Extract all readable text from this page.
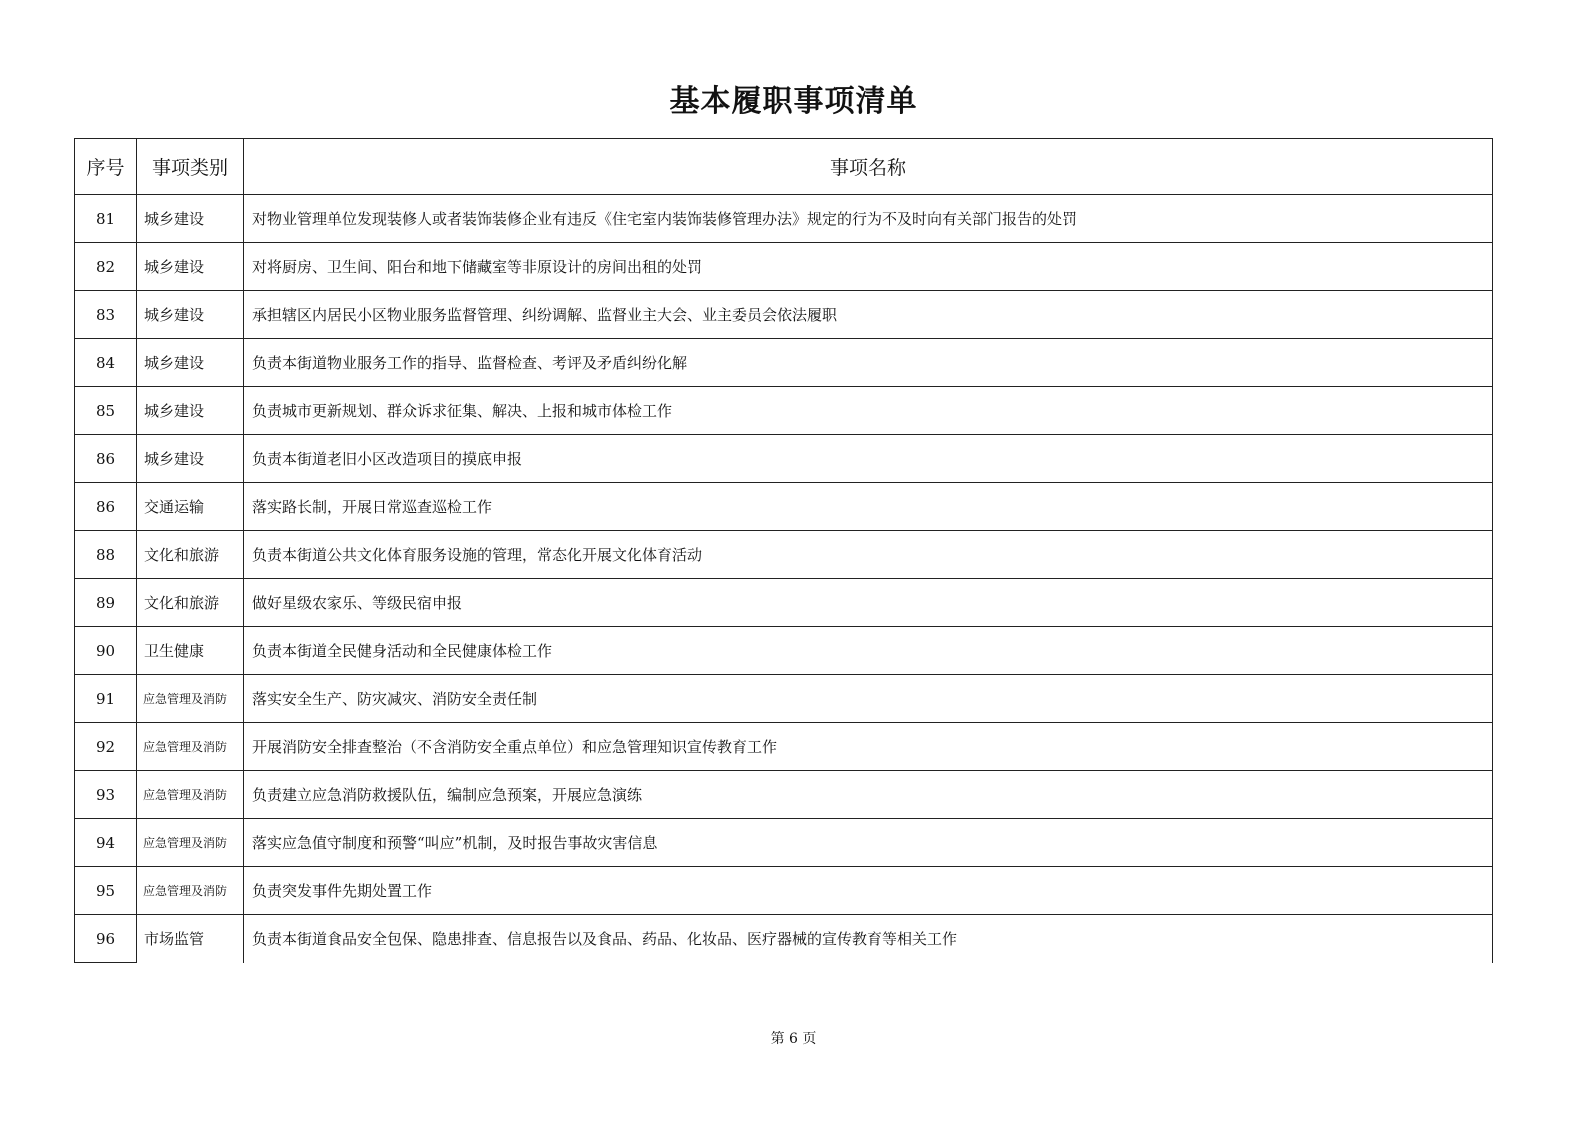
基本履职事项清单
序号	事项类别	事项名称
81	城乡建设	对物业管理单位发现装修人或者装饰装修企业有违反《住宅室内装饰装修管理办法》规定的行为不及时向有关部门报告的处罚
82	城乡建设	对将厨房、卫生间、阳台和地下储藏室等非原设计的房间出租的处罚
83	城乡建设	承担辖区内居民小区物业服务监督管理、纠纷调解、监督业主大会、业主委员会依法履职
84	城乡建设	负责本街道物业服务工作的指导、监督检查、考评及矛盾纠纷化解
85	城乡建设	负责城市更新规划、群众诉求征集、解决、上报和城市体检工作
86	城乡建设	负责本街道老旧小区改造项目的摸底申报
86	交通运输	落实路长制，开展日常巡查巡检工作
88	文化和旅游	负责本街道公共文化体育服务设施的管理，常态化开展文化体育活动
89	文化和旅游	做好星级农家乐、等级民宿申报
90	卫生健康	负责本街道全民健身活动和全民健康体检工作
91	应急管理及消防	落实安全生产、防灾减灾、消防安全责任制
92	应急管理及消防	开展消防安全排查整治（不含消防安全重点单位）和应急管理知识宣传教育工作
93	应急管理及消防	负责建立应急消防救援队伍，编制应急预案，开展应急演练
94	应急管理及消防	落实应急值守制度和预警“叫应”机制，及时报告事故灾害信息
95	应急管理及消防	负责突发事件先期处置工作
96	市场监管	负责本街道食品安全包保、隐患排查、信息报告以及食品、药品、化妆品、医疗器械的宣传教育等相关工作
第 6 页
